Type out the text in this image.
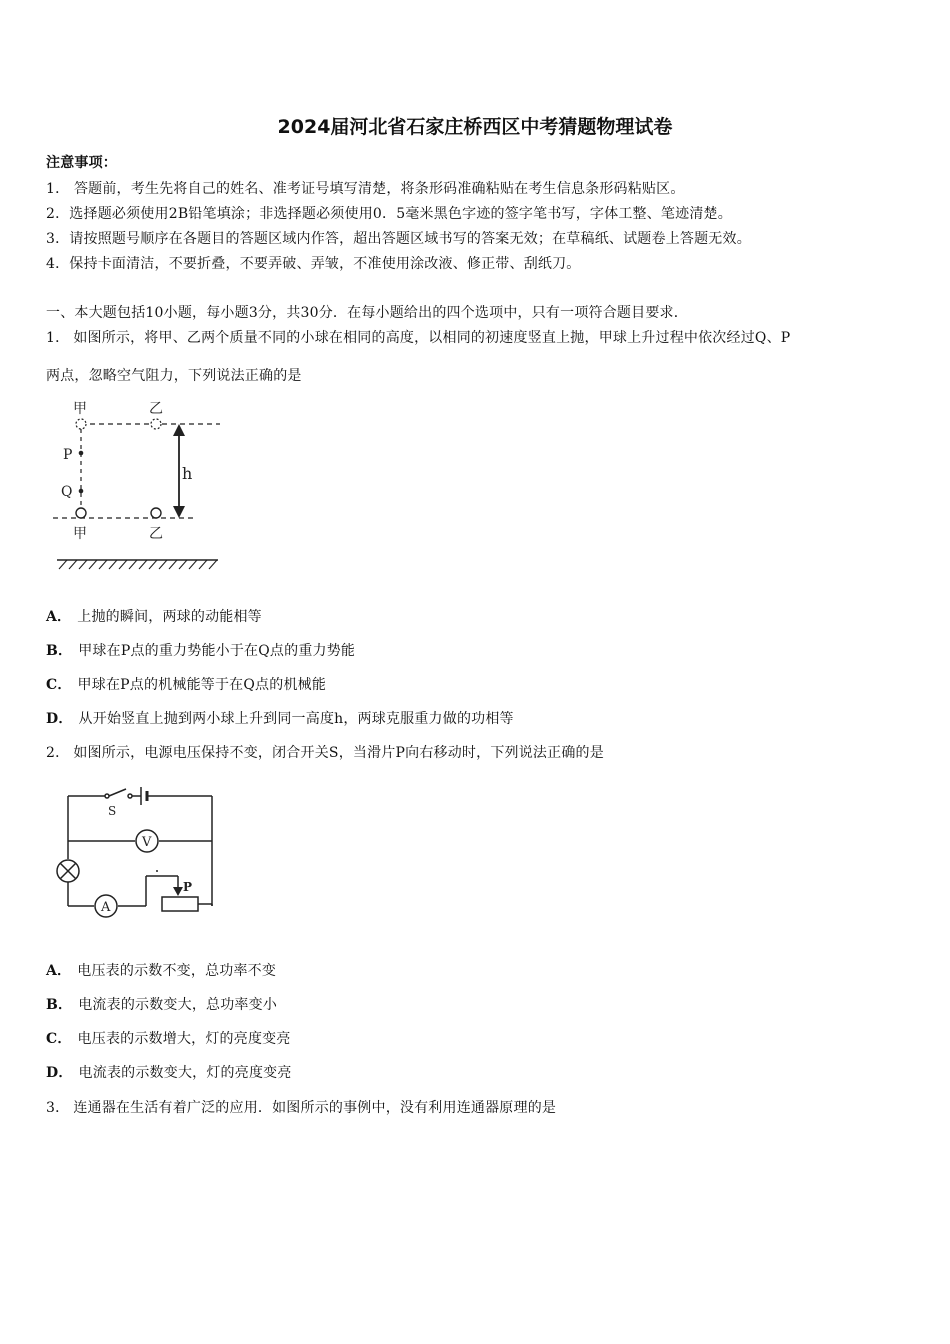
2024届河北省石家庄桥西区中考猜题物理试卷
注意事项：
1． 答题前，考生先将自己的姓名、准考证号填写清楚，将条形码准确粘贴在考生信息条形码粘贴区。
2．选择题必须使用2B铅笔填涂；非选择题必须使用0．5毫米黑色字迹的签字笔书写，字体工整、笔迹清楚。
3．请按照题号顺序在各题目的答题区域内作答，超出答题区域书写的答案无效；在草稿纸、试题卷上答题无效。
4．保持卡面清洁，不要折叠，不要弄破、弄皱，不准使用涂改液、修正带、刮纸刀。
一、本大题包括10小题，每小题3分，共30分．在每小题给出的四个选项中，只有一项符合题目要求．
1． 如图所示，将甲、乙两个质量不同的小球在相同的高度，以相同的初速度竖直上抛，甲球上升过程中依次经过Q、P
两点，忽略空气阻力，下列说法正确的是
甲	乙
P
Q
h
甲	乙
A． 上抛的瞬间，两球的动能相等
B． 甲球在P点的重力势能小于在Q点的重力势能
C． 甲球在P点的机械能等于在Q点的机械能
D． 从开始竖直上抛到两小球上升到同一高度h，两球克服重力做的功相等
2． 如图所示，电源电压保持不变，闭合开关S，当滑片P向右移动时，下列说法正确的是
S
V
A
P
A． 电压表的示数不变，总功率不变
B． 电流表的示数变大，总功率变小
C． 电压表的示数增大，灯的亮度变亮
D． 电流表的示数变大，灯的亮度变亮
3． 连通器在生活有着广泛的应用．如图所示的事例中，没有利用连通器原理的是
